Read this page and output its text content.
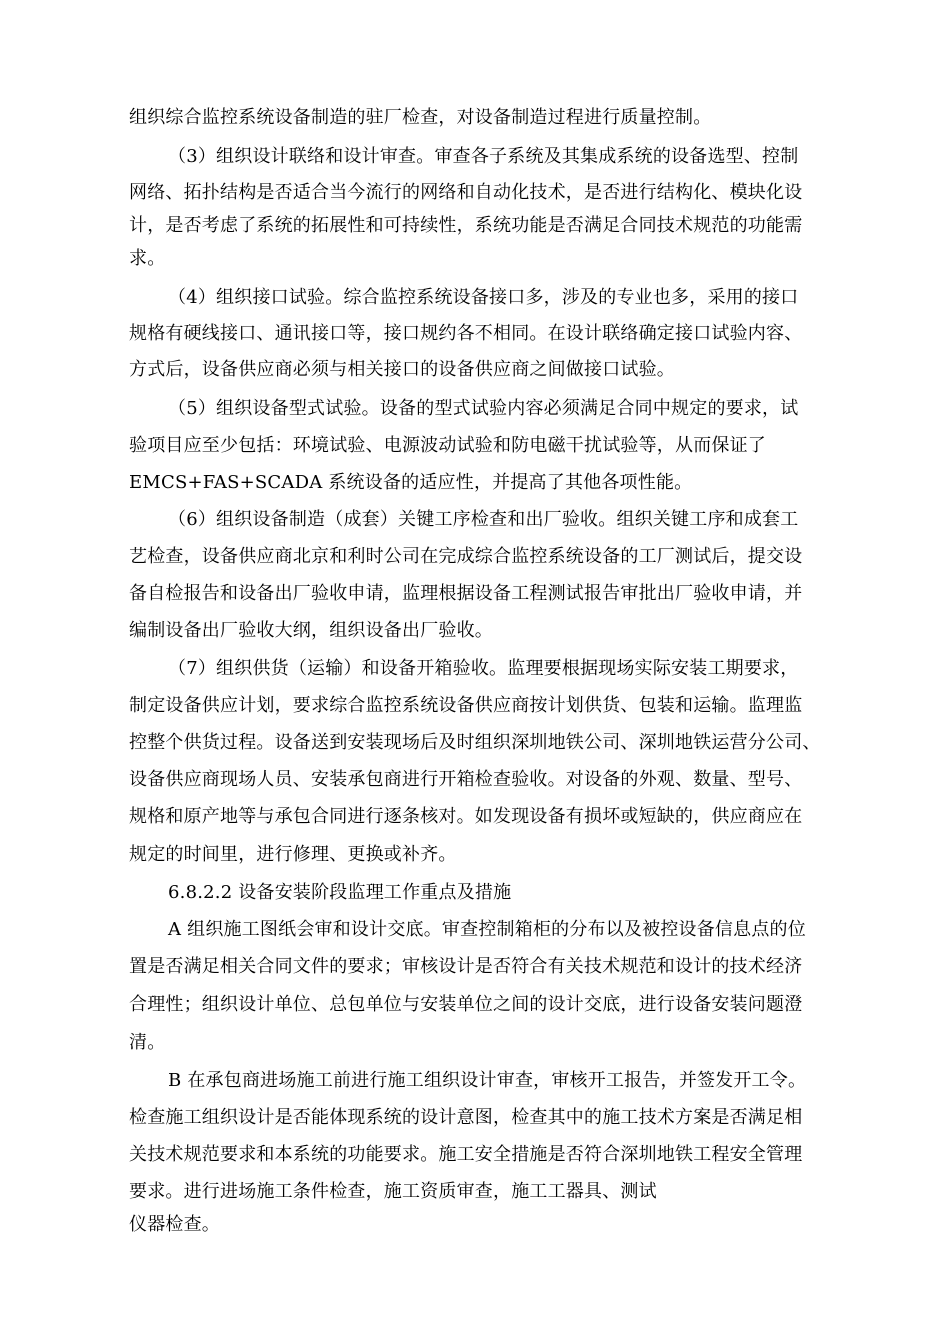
组织综合监控系统设备制造的驻厂检查，对设备制造过程进行质量控制。
（3）组织设计联络和设计审查。审查各子系统及其集成系统的设备选型、控制
网络、拓扑结构是否适合当今流行的网络和自动化技术，是否进行结构化、模块化设
计，是否考虑了系统的拓展性和可持续性，系统功能是否满足合同技术规范的功能需
求。
（4）组织接口试验。综合监控系统设备接口多，涉及的专业也多，采用的接口
规格有硬线接口、通讯接口等，接口规约各不相同。在设计联络确定接口试验内容、
方式后，设备供应商必须与相关接口的设备供应商之间做接口试验。
（5）组织设备型式试验。设备的型式试验内容必须满足合同中规定的要求，试
验项目应至少包括：环境试验、电源波动试验和防电磁干扰试验等，从而保证了
EMCS+FAS+SCADA 系统设备的适应性，并提高了其他各项性能。
（6）组织设备制造（成套）关键工序检查和出厂验收。组织关键工序和成套工
艺检查，设备供应商北京和利时公司在完成综合监控系统设备的工厂测试后，提交设
备自检报告和设备出厂验收申请，监理根据设备工程测试报告审批出厂验收申请，并
编制设备出厂验收大纲，组织设备出厂验收。
（7）组织供货（运输）和设备开箱验收。监理要根据现场实际安装工期要求，
制定设备供应计划，要求综合监控系统设备供应商按计划供货、包装和运输。监理监
控整个供货过程。设备送到安装现场后及时组织深圳地铁公司、深圳地铁运营分公司、
设备供应商现场人员、安装承包商进行开箱检查验收。对设备的外观、数量、型号、
规格和原产地等与承包合同进行逐条核对。如发现设备有损坏或短缺的，供应商应在
规定的时间里，进行修理、更换或补齐。
6.8.2.2 设备安装阶段监理工作重点及措施
A 组织施工图纸会审和设计交底。审查控制箱柜的分布以及被控设备信息点的位
置是否满足相关合同文件的要求；审核设计是否符合有关技术规范和设计的技术经济
合理性；组织设计单位、总包单位与安装单位之间的设计交底，进行设备安装问题澄
清。
B 在承包商进场施工前进行施工组织设计审查，审核开工报告，并签发开工令。
检查施工组织设计是否能体现系统的设计意图，检查其中的施工技术方案是否满足相
关技术规范要求和本系统的功能要求。施工安全措施是否符合深圳地铁工程安全管理
要求。进行进场施工条件检查，施工资质审查，施工工器具、测试
仪器检查。
